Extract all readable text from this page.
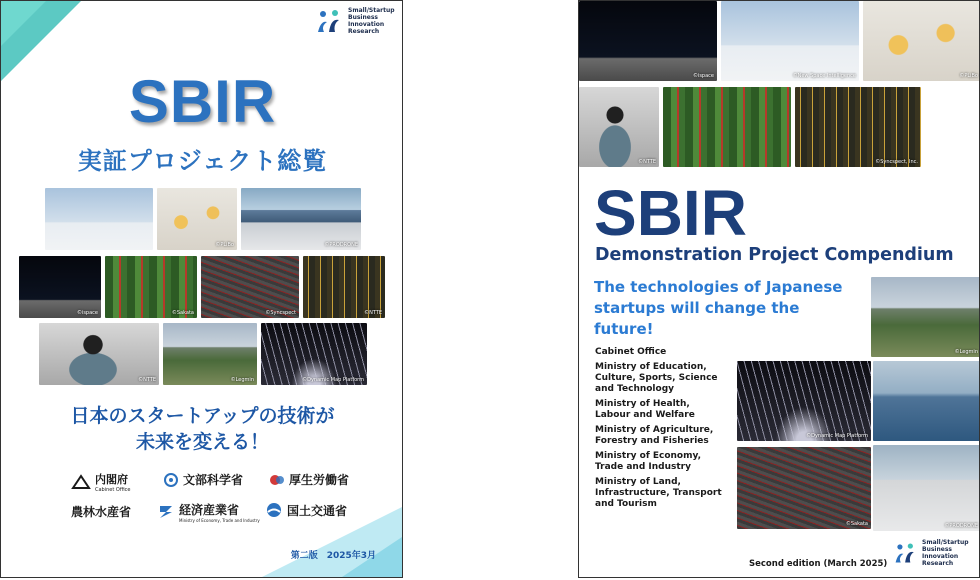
Small/Startup
Business
Innovation
Research
SBIR
実証プロジェクト総覧
©PLiBo	©PRODRONE
©ispace	©Sakata	©Syncspect	©NTTE
©NTTE	©Legmin	©Dynamic Map Platform
日本のスタートアップの技術が
未来を変える！
内閣府
Cabinet Office
文部科学省	厚生労働省
農林水産省	経済産業省
Ministry of Economy, Trade and Industry
国土交通省
第二版　2025年3月
©ispace	©New Space Intelligence	©PLiBo
©NTTE	©Syncspect, Inc.
SBIR
Demonstration Project Compendium
The technologies of Japanese
startups will change the future!
©Legmin
©Dynamic Map Platform
©Sakata	©PRODRONE
Cabinet Office
Ministry of Education, Culture, Sports, Science and Technology
Ministry of Health, Labour and Welfare
Ministry of Agriculture, Forestry and Fisheries
Ministry of Economy, Trade and Industry
Ministry of Land, Infrastructure, Transport and Tourism
Second edition (March 2025)
Small/Startup
Business
Innovation
Research
